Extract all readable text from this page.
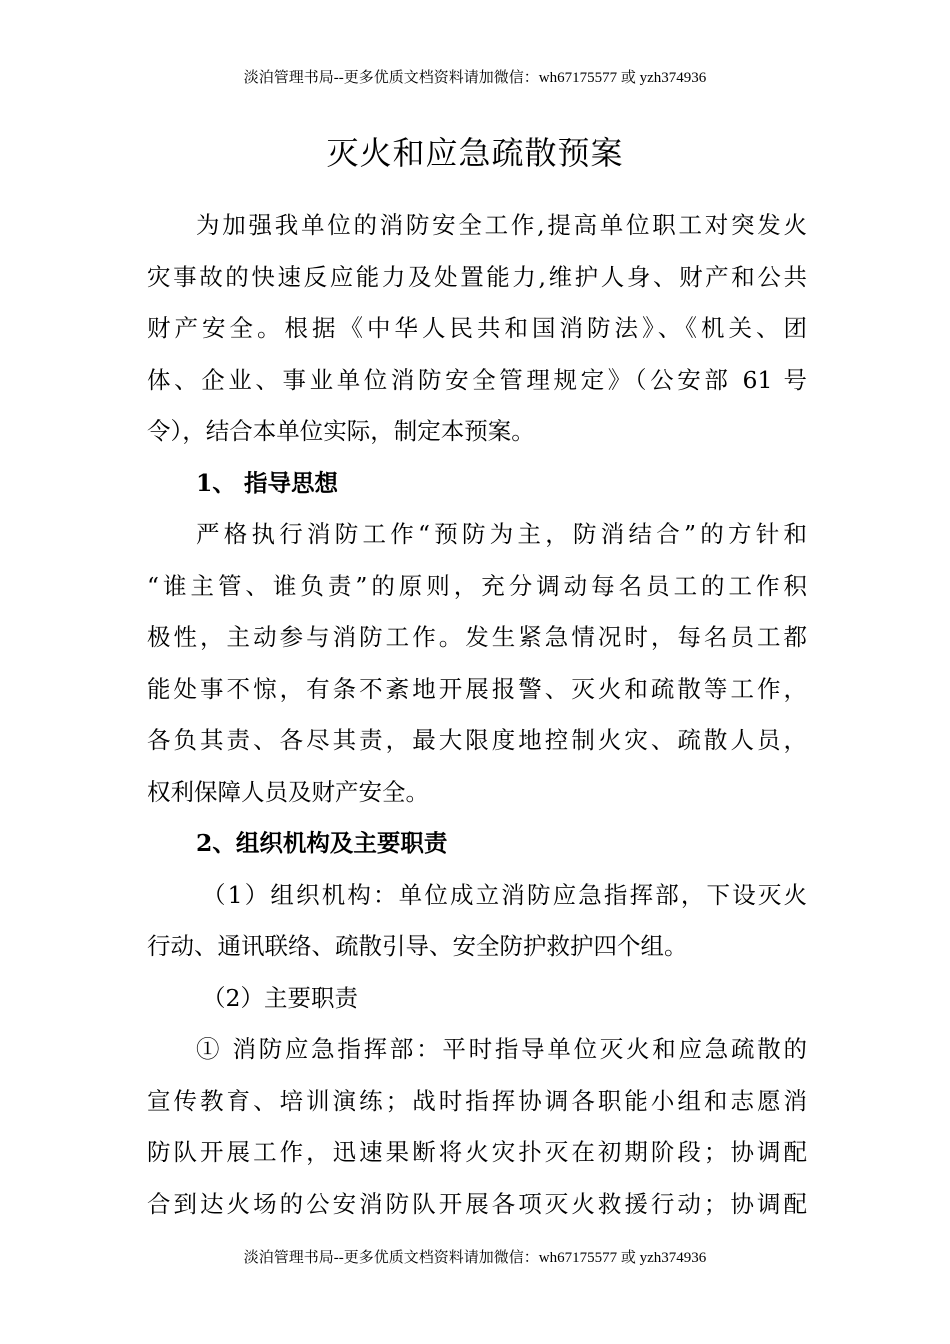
淡泊管理书局--更多优质文档资料请加微信：wh67175577 或 yzh374936
灭火和应急疏散预案
为加强我单位的消防安全工作,提高单位职工对突发火
灾事故的快速反应能力及处置能力,维护人身、财产和公共
财产安全。根据《中华人民共和国消防法》、《机关、团
体、企业、事业单位消防安全管理规定》（公安部 61 号
令），结合本单位实际，制定本预案。
1、 指导思想
严格执行消防工作“预防为主，防消结合”的方针和
“谁主管、谁负责”的原则，充分调动每名员工的工作积
极性，主动参与消防工作。发生紧急情况时，每名员工都
能处事不惊，有条不紊地开展报警、灭火和疏散等工作，
各负其责、各尽其责，最大限度地控制火灾、疏散人员，
权利保障人员及财产安全。
2、组织机构及主要职责
（1）组织机构：单位成立消防应急指挥部，下设灭火
行动、通讯联络、疏散引导、安全防护救护四个组。
（2）主要职责
① 消防应急指挥部：平时指导单位灭火和应急疏散的
宣传教育、培训演练；战时指挥协调各职能小组和志愿消
防队开展工作，迅速果断将火灾扑灭在初期阶段；协调配
合到达火场的公安消防队开展各项灭火救援行动；协调配
淡泊管理书局--更多优质文档资料请加微信：wh67175577 或 yzh374936
